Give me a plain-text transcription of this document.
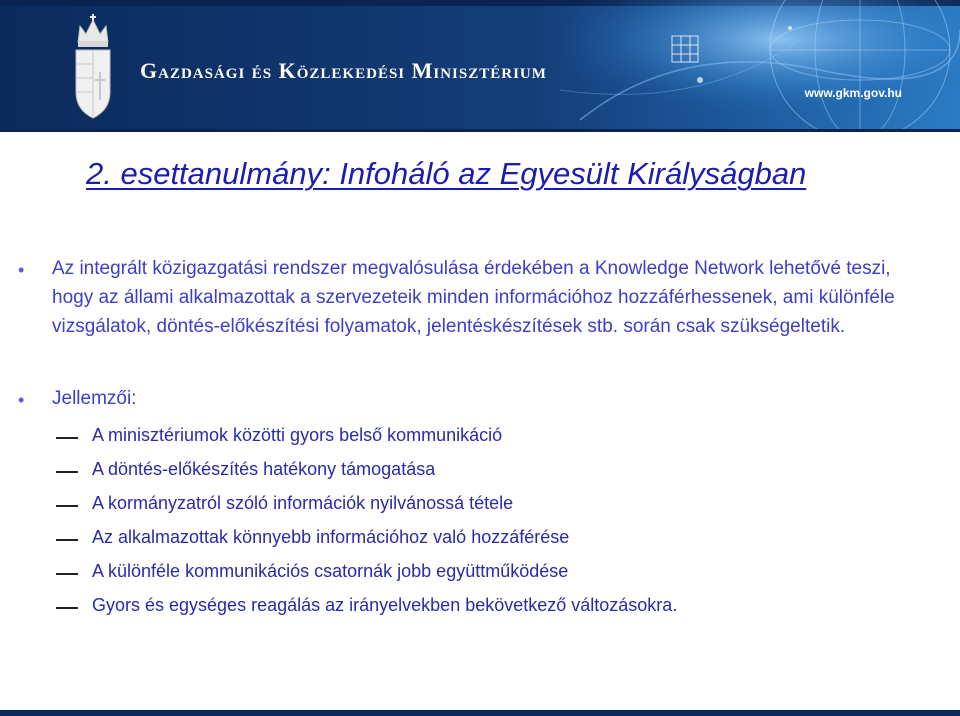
Gazdasági és Közlekedési Minisztérium
www.gkm.gov.hu
2. esettanulmány: Infoháló az Egyesült Királyságban
• Az integrált közigazgatási rendszer megvalósulása érdekében a Knowledge Network lehetővé teszi, hogy az állami alkalmazottak a szervezeteik minden információhoz hozzáférhessenek, ami különféle vizsgálatok, döntés-előkészítési folyamatok, jelentéskészítések stb. során csak szükségeltetik.

• Jellemzői:

A minisztériumok közötti gyors belső kommunikáció
A döntés-előkészítés hatékony támogatása
A kormányzatról szóló információk nyilvánossá tétele
Az alkalmazottak könnyebb információhoz való hozzáférése
A különféle kommunikációs csatornák jobb együttműködése
Gyors és egységes reagálás az irányelvekben bekövetkező változásokra.
